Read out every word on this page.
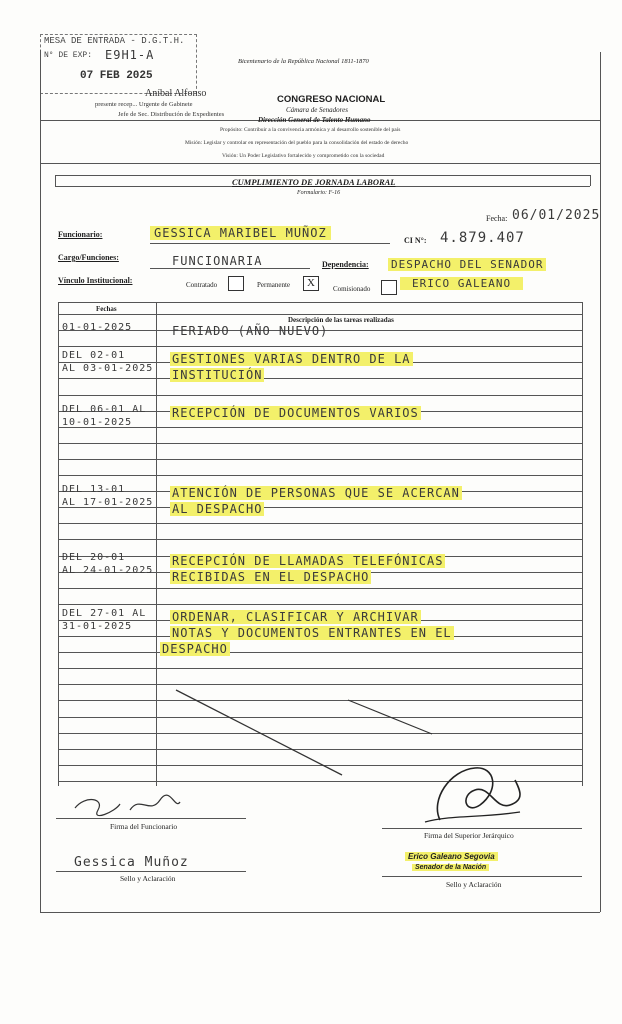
MESA DE ENTRADA - D.G.T.H.
N° DE EXP: E9H1-A
07 FEB 2025
Aníbal Alfonso
presente recep... Urgente de Gabinete
Jefe de Sec. Distribución de Expedientes
Bicentenario de la República Nacional 1811-1870
CONGRESO NACIONAL
Cámara de Senadores
Dirección General de Talento Humano
Propósito: Contribuir a la convivencia armónica y al desarrollo sostenible del país
Misión: Legislar y controlar en representación del pueblo para la consolidación del estado de derecho
Visión: Un Poder Legislativo fortalecido y comprometido con la sociedad
CUMPLIMIENTO DE JORNADA LABORAL
Formulario: F-16
Fecha: 06/01/2025
Funcionario:	GESSICA MARIBEL MUÑOZ
CI N°: 4.879.407
Cargo/Funciones:	FUNCIONARIA	Dependencia: DESPACHO DEL SENADOR
ERICO GALEANO
Vínculo Institucional:	Contratado	Permanente	X	Comisionado
Fechas
Descripción de las tareas realizadas
01-01-2025	FERIADO (AÑO NUEVO)
DEL 02-01
AL 03-01-2025
GESTIONES VARIAS DENTRO DE LA
INSTITUCIÓN
DEL 06-01 AL
10-01-2025
RECEPCIÓN DE DOCUMENTOS VARIOS
DEL 13-01
AL 17-01-2025
ATENCIÓN DE PERSONAS QUE SE ACERCAN
AL DESPACHO
DEL 20-01
AL 24-01-2025
RECEPCIÓN DE LLAMADAS TELEFÓNICAS
RECIBIDAS EN EL DESPACHO
DEL 27-01 AL
31-01-2025
ORDENAR, CLASIFICAR Y ARCHIVAR
NOTAS Y DOCUMENTOS ENTRANTES EN EL
DESPACHO
Firma del Funcionario
Gessica Muñoz
Sello y Aclaración
Firma del Superior Jerárquico
Erico Galeano Segovia
Senador de la Nación
Sello y Aclaración
